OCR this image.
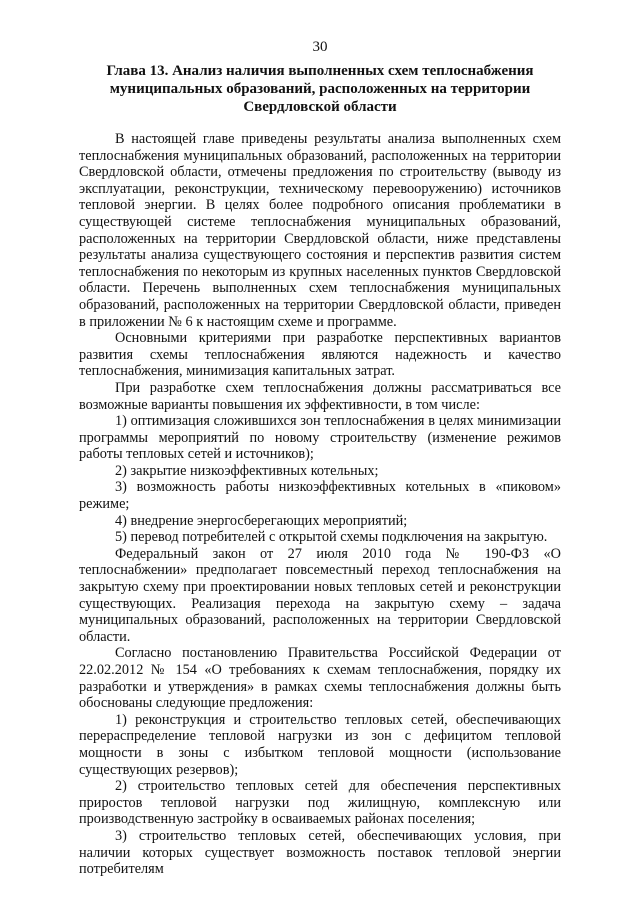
30
Глава 13. Анализ наличия выполненных схем теплоснабжения муниципальных образований, расположенных на территории Свердловской области

В настоящей главе приведены результаты анализа выполненных схем теплоснабжения муниципальных образований, расположенных на территории Свердловской области, отмечены предложения по строительству (выводу из эксплуатации, реконструкции, техническому перевооружению) источников тепловой энергии. В целях более подробного описания проблематики в существующей системе теплоснабжения муниципальных образований, расположенных на территории Свердловской области, ниже представлены результаты анализа существующего состояния и перспектив развития систем теплоснабжения по некоторым из крупных населенных пунктов Свердловской области. Перечень выполненных схем теплоснабжения муниципальных образований, расположенных на территории Свердловской области, приведен в приложении № 6 к настоящим схеме и программе.

Основными критериями при разработке перспективных вариантов развития схемы теплоснабжения являются надежность и качество теплоснабжения, минимизация капитальных затрат.

При разработке схем теплоснабжения должны рассматриваться все возможные варианты повышения их эффективности, в том числе:

1) оптимизация сложившихся зон теплоснабжения в целях минимизации программы мероприятий по новому строительству (изменение режимов работы тепловых сетей и источников);

2) закрытие низкоэффективных котельных;

3) возможность работы низкоэффективных котельных в «пиковом» режиме;

4) внедрение энергосберегающих мероприятий;

5) перевод потребителей с открытой схемы подключения на закрытую.

Федеральный закон от 27 июля 2010 года № 190-ФЗ «О теплоснабжении» предполагает повсеместный переход теплоснабжения на закрытую схему при проектировании новых тепловых сетей и реконструкции существующих. Реализация перехода на закрытую схему – задача муниципальных образований, расположенных на территории Свердловской области.

Согласно постановлению Правительства Российской Федерации от 22.02.2012 № 154 «О требованиях к схемам теплоснабжения, порядку их разработки и утверждения» в рамках схемы теплоснабжения должны быть обоснованы следующие предложения:

1) реконструкция и строительство тепловых сетей, обеспечивающих перераспределение тепловой нагрузки из зон с дефицитом тепловой мощности в зоны с избытком тепловой мощности (использование существующих резервов);

2) строительство тепловых сетей для обеспечения перспективных приростов тепловой нагрузки под жилищную, комплексную или производственную застройку в осваиваемых районах поселения;

3) строительство тепловых сетей, обеспечивающих условия, при наличии которых существует возможность поставок тепловой энергии потребителям
